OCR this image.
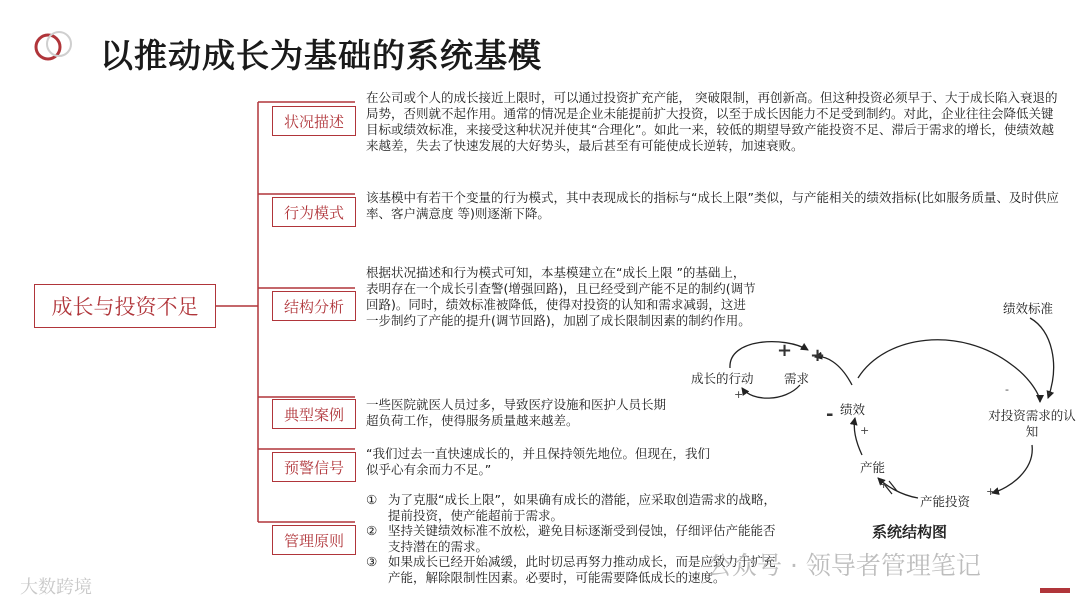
以推动成长为基础的系统基模
成长与投资不足
状况描述
行为模式
结构分析
典型案例
预警信号
管理原则
在公司或个人的成长接近上限时，可以通过投资扩充产能， 突破限制，再创新高。但这种投资必须早于、大于成长陷入衰退的局势，否则就不起作用。通常的情况是企业未能提前扩大投资，以至于成长因能力不足受到制约。对此，企业往往会降低关键目标或绩效标准，来接受这种状况并使其“合理化”。如此一来，较低的期望导致产能投资不足、滞后于需求的增长，使绩效越来越差，失去了快速发展的大好势头，最后甚至有可能使成长逆转，加速衰败。
该基模中有若干个变量的行为模式，其中表现成长的指标与“成长上限”类似，与产能相关的绩效指标(比如服务质量、及时供应率、客户满意度 等)则逐渐下降。
根据状况描述和行为模式可知，本基模建立在“成长上限 ”的基础上，表明存在一个成长引查警(增强回路)，且已经受到产能不足的制约(调节回路)。同时，绩效标准被降低，使得对投资的认知和需求减弱，这进一步制约了产能的提升(调节回路)，加剧了成长限制因素的制约作用。
一些医院就医人员过多，导致医疗设施和医护人员长期超负荷工作，使得服务质量越来越差。
“我们过去一直快速成长的，并且保持领先地位。但现在，我们似乎心有余而力不足。”
① 为了克服“成长上限”，如果确有成长的潜能，应采取创造需求的战略，提前投资，使产能超前于需求。
② 坚持关键绩效标准不放松，避免目标逐渐受到侵蚀，仔细评估产能能否支持潜在的需求。
③ 如果成长已经开始减缓，此时切忌再努力推动成长，而是应致力于扩充产能，解除限制性因素。必要时，可能需要降低成长的速度。
成长的行动 需求
绩效
绩效标准
对投资需求的认知
产能
产能投资
+ +
-
+	-	-
+
+
+
系统结构图
公众号 · 领导者管理笔记
大数跨境
